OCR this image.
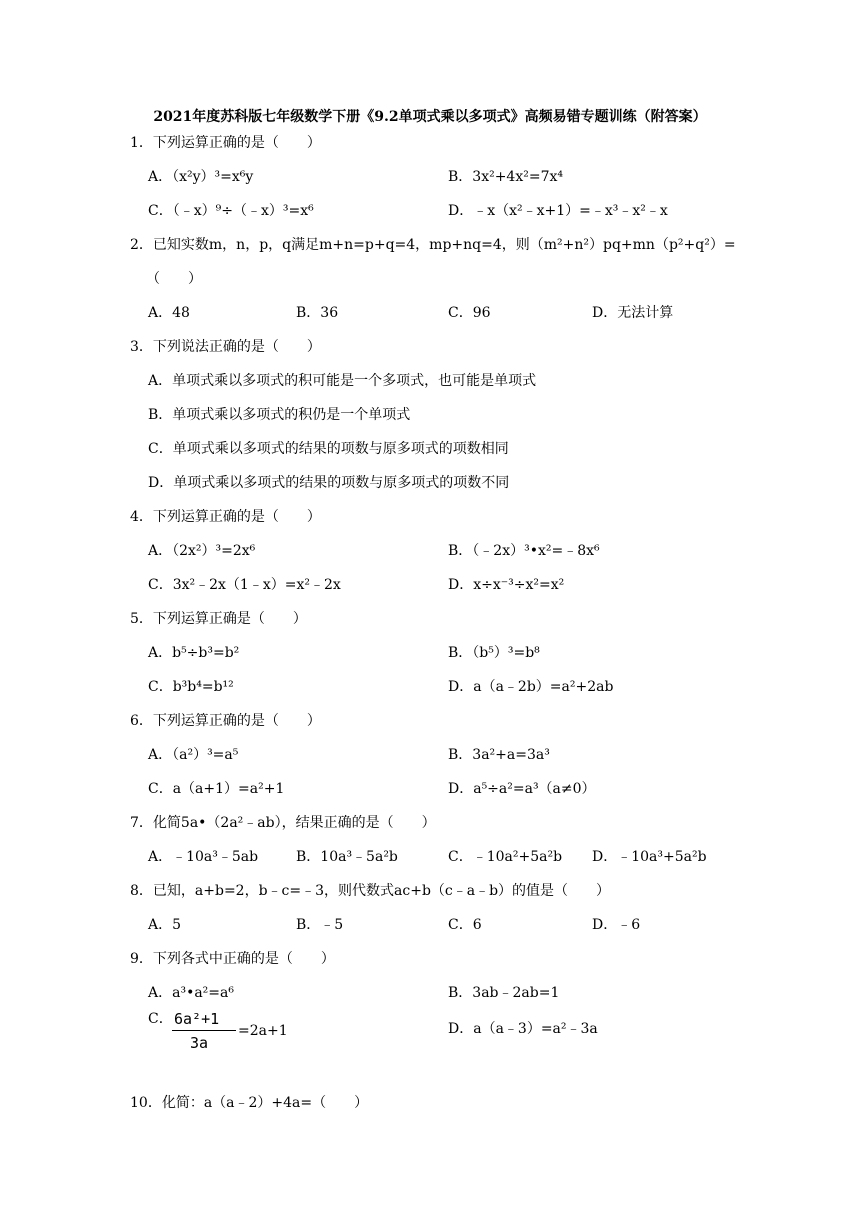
2021年度苏科版七年级数学下册《9.2单项式乘以多项式》高频易错专题训练（附答案）
1．下列运算正确的是（　　）
A．（x²y）³=x⁶y	B．3x²+4x²=7x⁴
C．（﹣x）⁹÷（﹣x）³=x⁶	D．﹣x（x²﹣x+1）=﹣x³﹣x²﹣x
2．已知实数m，n，p，q满足m+n=p+q=4，mp+nq=4，则（m²+n²）pq+mn（p²+q²）=
（　　）
A．48	B．36	C．96	D．无法计算
3．下列说法正确的是（　　）
A．单项式乘以多项式的积可能是一个多项式，也可能是单项式
B．单项式乘以多项式的积仍是一个单项式
C．单项式乘以多项式的结果的项数与原多项式的项数相同
D．单项式乘以多项式的结果的项数与原多项式的项数不同
4．下列运算正确的是（　　）
A．（2x²）³=2x⁶	B．（﹣2x）³•x²=﹣8x⁶
C．3x²﹣2x（1﹣x）=x²﹣2x	D．x÷x⁻³÷x²=x²
5．下列运算正确是（　　）
A．b⁵÷b³=b²	B．（b⁵）³=b⁸
C．b³b⁴=b¹²	D．a（a﹣2b）=a²+2ab
6．下列运算正确的是（　　）
A．（a²）³=a⁵	B．3a²+a=3a³
C．a（a+1）=a²+1	D．a⁵÷a²=a³（a≠0）
7．化简5a•（2a²﹣ab），结果正确的是（　　）
A．﹣10a³﹣5ab	B．10a³﹣5a²b	C．﹣10a²+5a²b D．﹣10a³+5a²b
8．已知，a+b=2，b﹣c=﹣3，则代数式ac+b（c﹣a﹣b）的值是（　　）
A．5	B．﹣5	C．6	D．﹣6
9．下列各式中正确的是（　　）
A．a³•a²=a⁶	B．3ab﹣2ab=1
C． 6a²+1
3a
=2a+1	D．a（a﹣3）=a²﹣3a
10．化简：a（a﹣2）+4a=（　　）
